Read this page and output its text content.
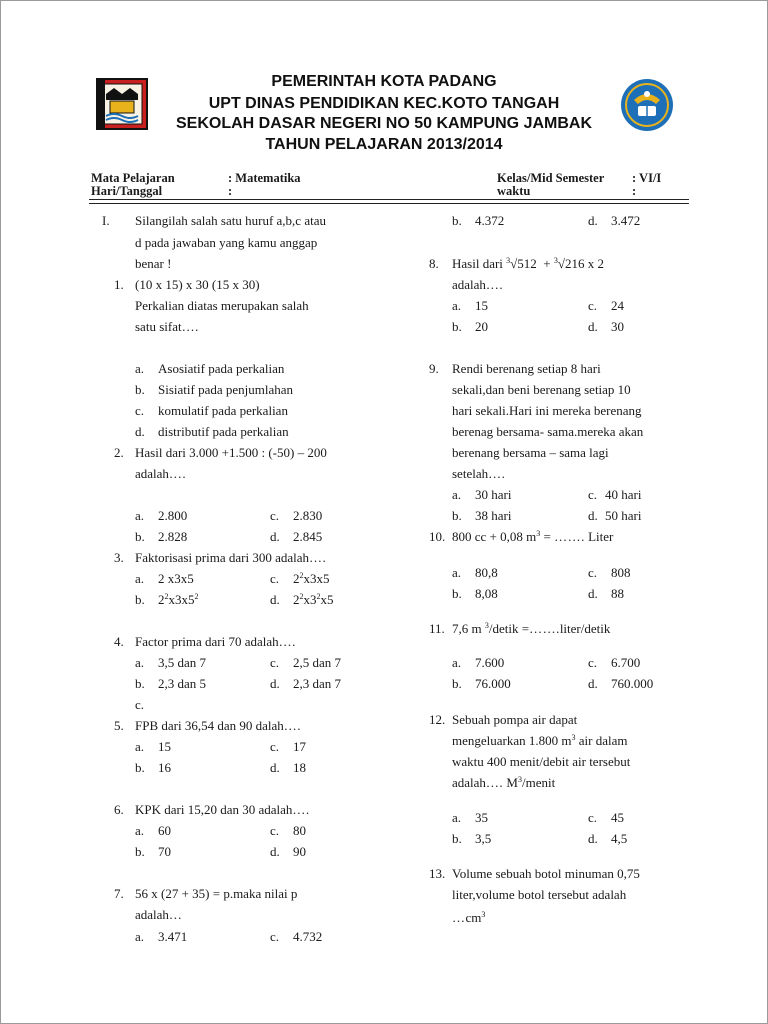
PEMERINTAH KOTA PADANG
UPT DINAS PENDIDIKAN KEC.KOTO TANGAH
SEKOLAH DASAR NEGERI NO 50 KAMPUNG JAMBAK
TAHUN PELAJARAN 2013/2014
Mata Pelajaran	: Matematika
Hari/Tanggal	:
Kelas/Mid Semester : VI/I
waktu	:
I. Silangilah salah satu huruf a,b,c atau
d pada jawaban yang kamu anggap
benar !
1. (10 x 15) x 30 (15 x 30)
Perkalian diatas merupakan salah
satu sifat….
a. Asosiatif pada perkalian
b. Sisiatif pada penjumlahan
c. komulatif pada perkalian
d. distributif pada perkalian
2. Hasil dari 3.000 +1.500 : (-50) – 200
adalah….
a. 2.800	c. 2.830
b. 2.828	d. 2.845
3. Faktorisasi prima dari 300 adalah….
a. 2 x3x5	c. $2^2x3x5$
b. $2^2x3x5^2$	d. $2^2x3^2x5$
4. Factor prima dari 70 adalah….
a. 3,5 dan 7	c. 2,5 dan 7
b. 2,3 dan 5	d. 2,3 dan 7
c.
5. FPB dari 36,54 dan 90 dalah….
a. 15	c. 17
b. 16	d. 18
6. KPK dari 15,20 dan 30 adalah….
a. 60	c. 80
b. 70	d. 90
7. 56 x (27 + 35) = p.maka nilai p
adalah…
a. 3.471	c. 4.732
b. 4.372	d. 3.472
8. Hasil dari $^3$√512 + $^3$√216 x 2
adalah….
a. 15	c. 24
b. 20	d. 30
9. Rendi berenang setiap 8 hari
sekali,dan beni berenang setiap 10
hari sekali.Hari ini mereka berenang
berenag bersama- sama.mereka akan
berenang bersama – sama lagi
setelah….
a. 30 hari	c. 40 hari
b. 38 hari	d. 50 hari
10. 800 cc + 0,08 $m^3$ = ……. Liter
a. 80,8	c. 808
b. 8,08	d. 88
11. 7,6 m $^3$/detik =…….liter/detik
a. 7.600	c. 6.700
b. 76.000	d. 760.000
12. Sebuah pompa air dapat
mengeluarkan 1.800 $m^3$ air dalam
waktu 400 menit/debit air tersebut
adalah…. $M^3$/menit
a. 35	c. 45
b. 3,5	d. 4,5
13. Volume sebuah botol minuman 0,75
liter,volume botol tersebut adalah
$\dots cm^3$
